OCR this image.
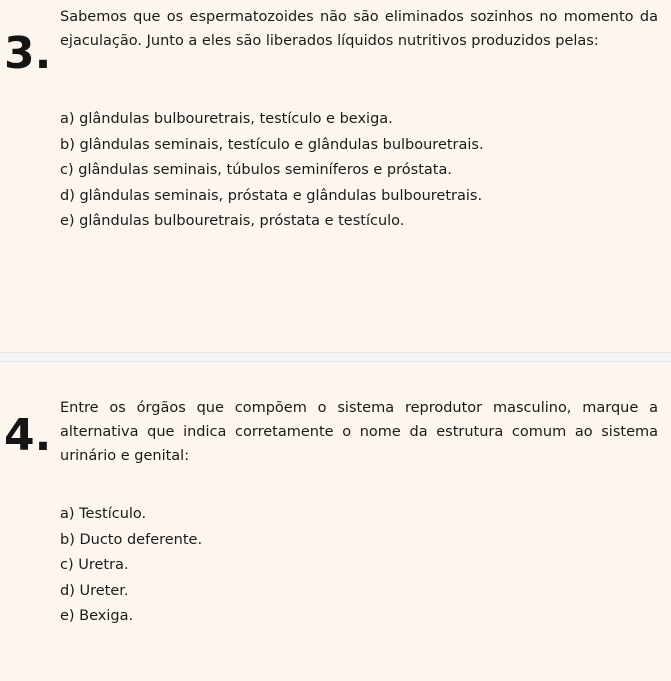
3.

Sabemos que os espermatozoides não são eliminados sozinhos no momento da ejaculação. Junto a eles são liberados líquidos nutritivos produzidos pelas:

a) glândulas bulbouretrais, testículo e bexiga.
b) glândulas seminais, testículo e glândulas bulbouretrais.
c) glândulas seminais, túbulos seminíferos e próstata.
d) glândulas seminais, próstata e glândulas bulbouretrais.
e) glândulas bulbouretrais, próstata e testículo.
4.

Entre os órgãos que compõem o sistema reprodutor masculino, marque a alternativa que indica corretamente o nome da estrutura comum ao sistema urinário e genital:

a) Testículo.
b) Ducto deferente.
c) Uretra.
d) Ureter.
e) Bexiga.
